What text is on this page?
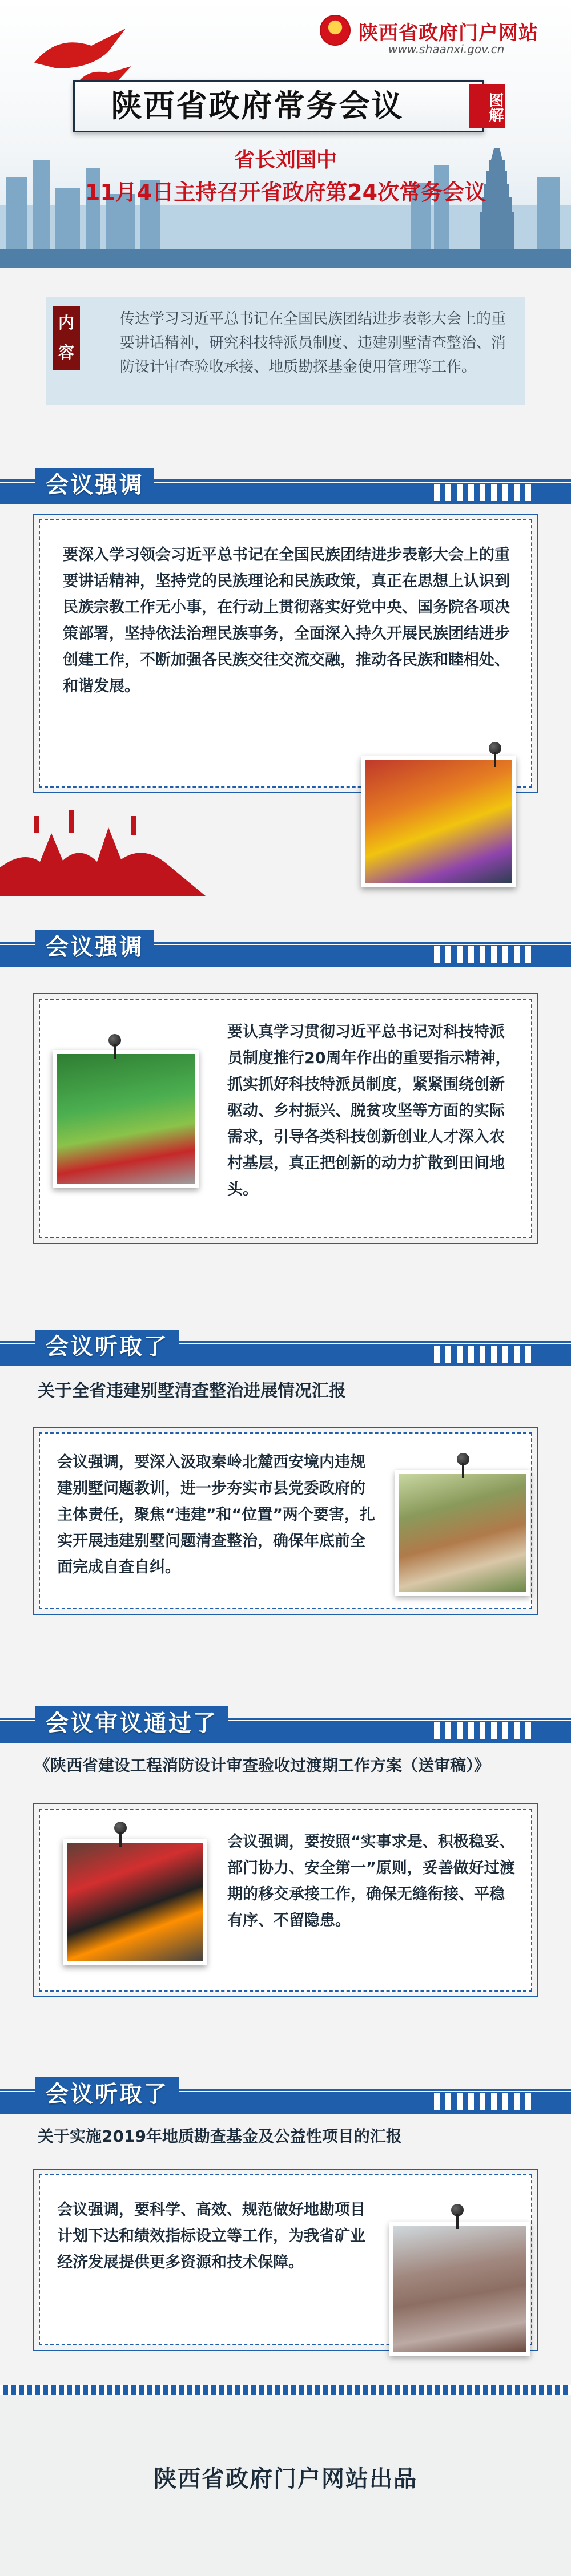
陕西省政府门户网站
www.shaanxi.gov.cn
陕西省政府常务会议	图解
省长刘国中
11月4日主持召开省政府第24次常务会议
内容
传达学习习近平总书记在全国民族团结进步表彰大会上的重要讲话精神，研究科技特派员制度、违建别墅清查整治、消防设计审查验收承接、地质勘探基金使用管理等工作。
会议强调
要深入学习领会习近平总书记在全国民族团结进步表彰大会上的重要讲话精神，坚持党的民族理论和民族政策，真正在思想上认识到民族宗教工作无小事，在行动上贯彻落实好党中央、国务院各项决策部署，坚持依法治理民族事务，全面深入持久开展民族团结进步创建工作，不断加强各民族交往交流交融，推动各民族和睦相处、和谐发展。
会议强调
要认真学习贯彻习近平总书记对科技特派员制度推行20周年作出的重要指示精神，抓实抓好科技特派员制度，紧紧围绕创新驱动、乡村振兴、脱贫攻坚等方面的实际需求，引导各类科技创新创业人才深入农村基层，真正把创新的动力扩散到田间地头。
会议听取了
关于全省违建别墅清查整治进展情况汇报
会议强调，要深入汲取秦岭北麓西安境内违规建别墅问题教训，进一步夯实市县党委政府的主体责任，聚焦“违建”和“位置”两个要害，扎实开展违建别墅问题清查整治，确保年底前全面完成自查自纠。
会议审议通过了
《陕西省建设工程消防设计审查验收过渡期工作方案（送审稿）》
会议强调，要按照“实事求是、积极稳妥、部门协力、安全第一”原则，妥善做好过渡期的移交承接工作，确保无缝衔接、平稳有序、不留隐患。
会议听取了
关于实施2019年地质勘查基金及公益性项目的汇报
会议强调，要科学、高效、规范做好地勘项目计划下达和绩效指标设立等工作，为我省矿业经济发展提供更多资源和技术保障。
陕西省政府门户网站出品
